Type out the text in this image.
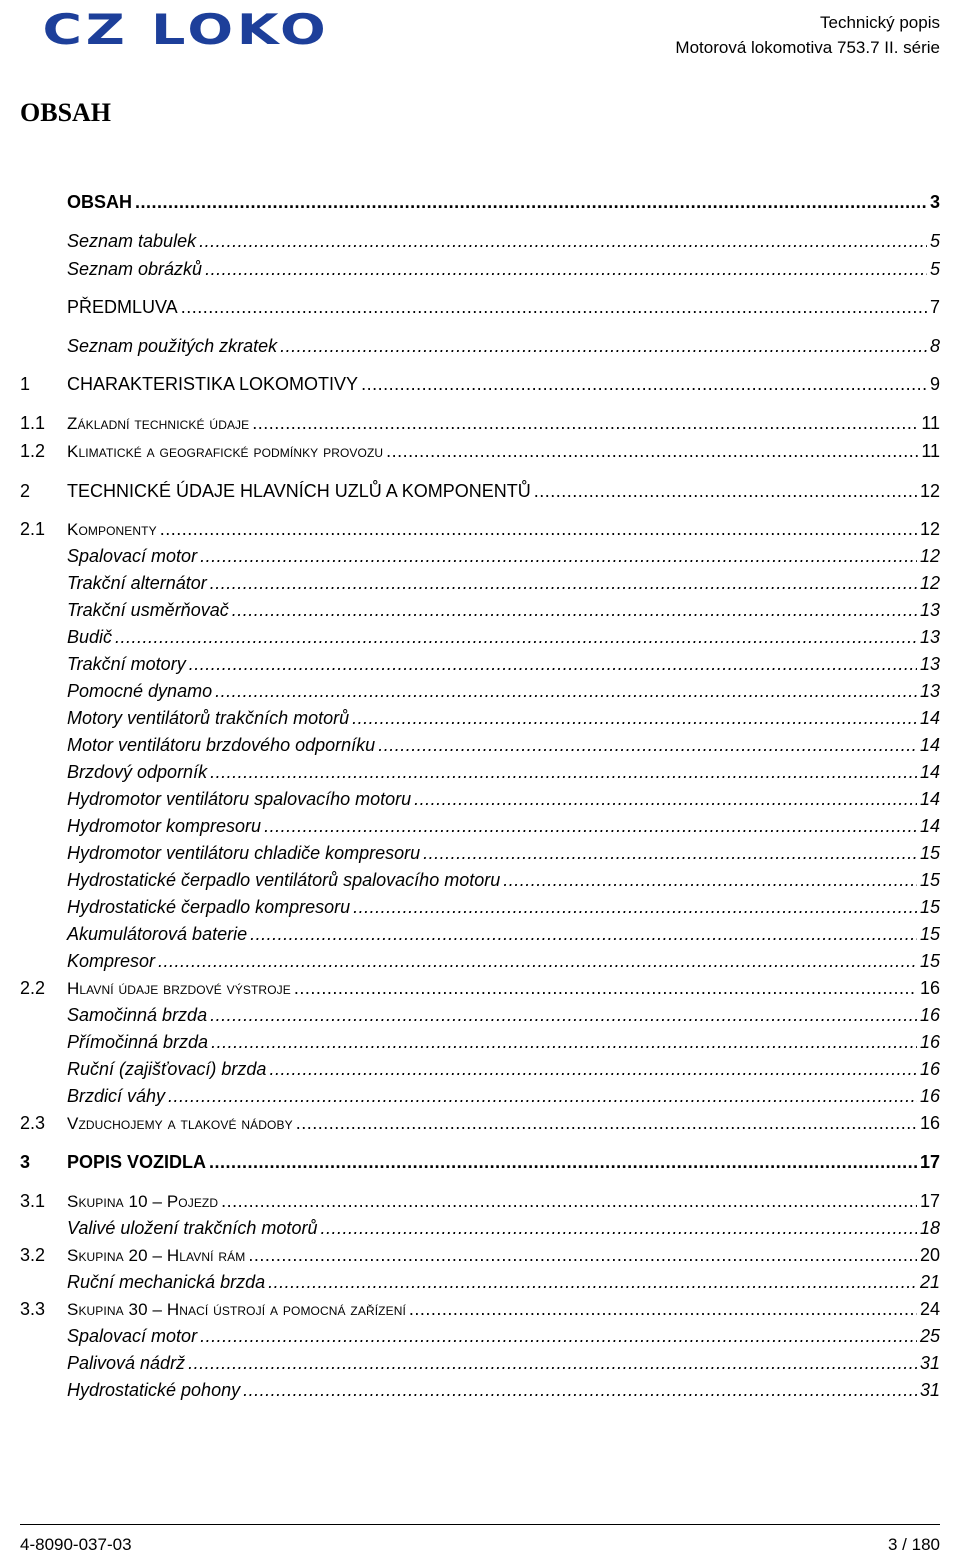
CZ LOKO	Technický popis
Motorová lokomotiva 753.7 II. série
OBSAH
OBSAH .....	3
Seznam tabulek .....	5
Seznam obrázků .....	5
PŘEDMLUVA .....	7
Seznam použitých zkratek .....	8
1	CHARAKTERISTIKA LOKOMOTIVY .....	9
1.1	Základní technické údaje .....	11
1.2	Klimatické a geografické podmínky provozu .....	11
2	TECHNICKÉ ÚDAJE HLAVNÍCH UZLŮ A KOMPONENTŮ .....	12
2.1	Komponenty .....	12
Spalovací motor .....	12
Trakční alternátor .....	12
Trakční usměrňovač .....	13
Budič .....	13
Trakční motory .....	13
Pomocné dynamo .....	13
Motory ventilátorů trakčních motorů .....	14
Motor ventilátoru brzdového odporníku .....	14
Brzdový odporník .....	14
Hydromotor ventilátoru spalovacího motoru .....	14
Hydromotor kompresoru .....	14
Hydromotor ventilátoru chladiče kompresoru .....	15
Hydrostatické čerpadlo ventilátorů spalovacího motoru .....	15
Hydrostatické čerpadlo kompresoru .....	15
Akumulátorová baterie .....	15
Kompresor .....	15
2.2	Hlavní údaje brzdové výstroje .....	16
Samočinná brzda .....	16
Přímočinná brzda .....	16
Ruční (zajišťovací) brzda .....	16
Brzdicí váhy .....	16
2.3	Vzduchojemy a tlakové nádoby .....	16
3	POPIS VOZIDLA .....	17
3.1	Skupina 10 – Pojezd .....	17
Valivé uložení trakčních motorů .....	18
3.2	Skupina 20 – Hlavní rám .....	20
Ruční mechanická brzda .....	21
3.3	Skupina 30 – Hnací ústrojí a pomocná zařízení .....	24
Spalovací motor .....	25
Palivová nádrž .....	31
Hydrostatické pohony .....	31
4-8090-037-03	3 / 180
